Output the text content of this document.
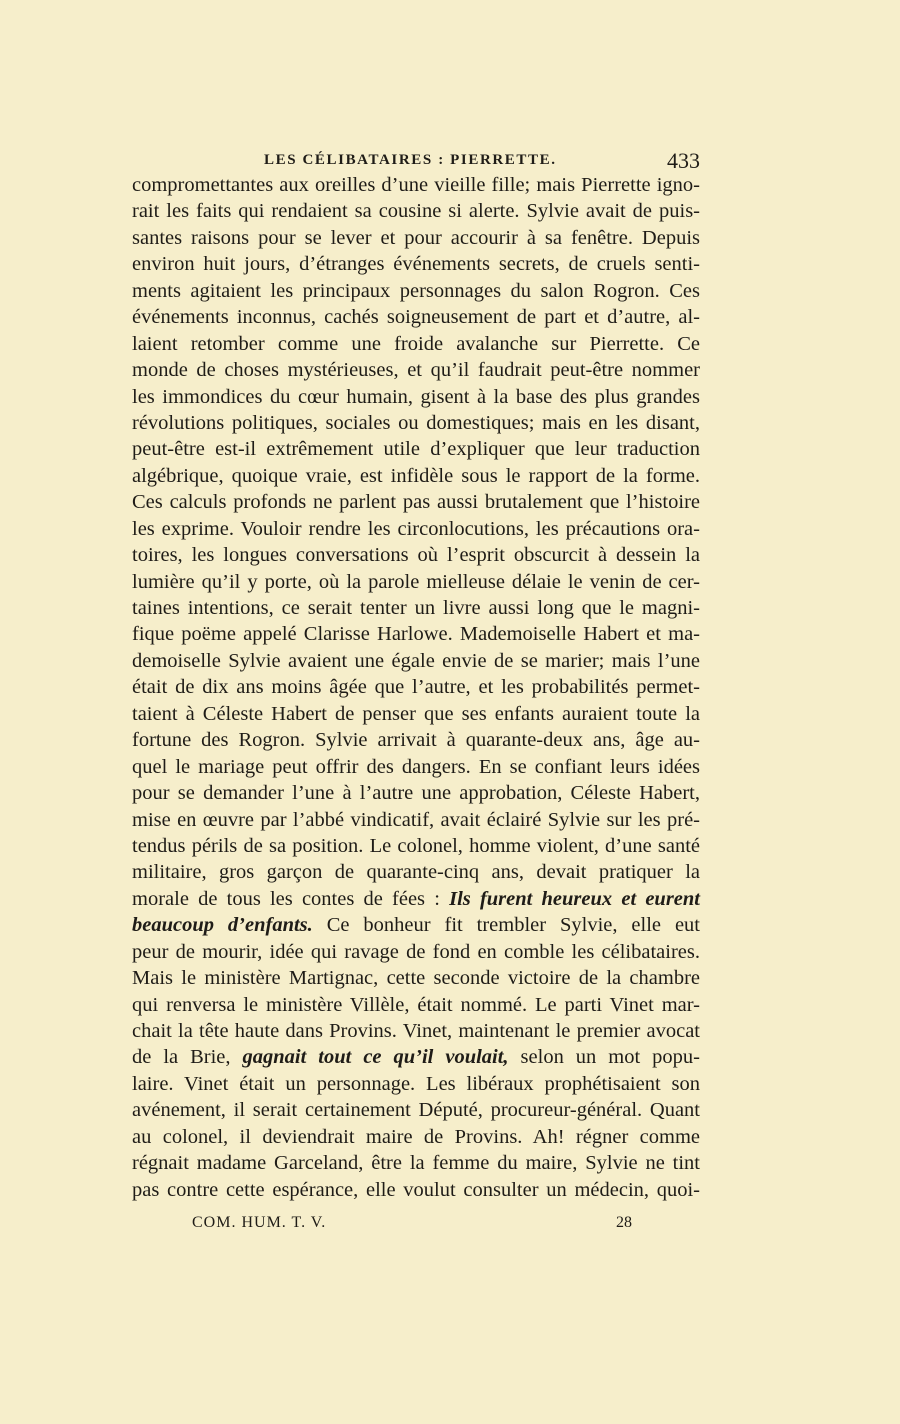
LES CÉLIBATAIRES : PIERRETTE.	433
compromettantes aux oreilles d’une vieille fille; mais Pierrette igno-
rait les faits qui rendaient sa cousine si alerte. Sylvie avait de puis-
santes raisons pour se lever et pour accourir à sa fenêtre. Depuis
environ huit jours, d’étranges événements secrets, de cruels senti-
ments agitaient les principaux personnages du salon Rogron. Ces
événements inconnus, cachés soigneusement de part et d’autre, al-
laient retomber comme une froide avalanche sur Pierrette. Ce
monde de choses mystérieuses, et qu’il faudrait peut-être nommer
les immondices du cœur humain, gisent à la base des plus grandes
révolutions politiques, sociales ou domestiques; mais en les disant,
peut-être est-il extrêmement utile d’expliquer que leur traduction
algébrique, quoique vraie, est infidèle sous le rapport de la forme.
Ces calculs profonds ne parlent pas aussi brutalement que l’histoire
les exprime. Vouloir rendre les circonlocutions, les précautions ora-
toires, les longues conversations où l’esprit obscurcit à dessein la
lumière qu’il y porte, où la parole mielleuse délaie le venin de cer-
taines intentions, ce serait tenter un livre aussi long que le magni-
fique poëme appelé Clarisse Harlowe. Mademoiselle Habert et ma-
demoiselle Sylvie avaient une égale envie de se marier; mais l’une
était de dix ans moins âgée que l’autre, et les probabilités permet-
taient à Céleste Habert de penser que ses enfants auraient toute la
fortune des Rogron. Sylvie arrivait à quarante-deux ans, âge au-
quel le mariage peut offrir des dangers. En se confiant leurs idées
pour se demander l’une à l’autre une approbation, Céleste Habert,
mise en œuvre par l’abbé vindicatif, avait éclairé Sylvie sur les pré-
tendus périls de sa position. Le colonel, homme violent, d’une santé
militaire, gros garçon de quarante-cinq ans, devait pratiquer la
morale de tous les contes de fées : Ils furent heureux et eurent
beaucoup d’enfants. Ce bonheur fit trembler Sylvie, elle eut
peur de mourir, idée qui ravage de fond en comble les célibataires.
Mais le ministère Martignac, cette seconde victoire de la chambre
qui renversa le ministère Villèle, était nommé. Le parti Vinet mar-
chait la tête haute dans Provins. Vinet, maintenant le premier avocat
de la Brie, gagnait tout ce qu’il voulait, selon un mot popu-
laire. Vinet était un personnage. Les libéraux prophétisaient son
avénement, il serait certainement Député, procureur-général. Quant
au colonel, il deviendrait maire de Provins. Ah! régner comme
régnait madame Garceland, être la femme du maire, Sylvie ne tint
pas contre cette espérance, elle voulut consulter un médecin, quoi-
COM. HUM. T. V.	28
